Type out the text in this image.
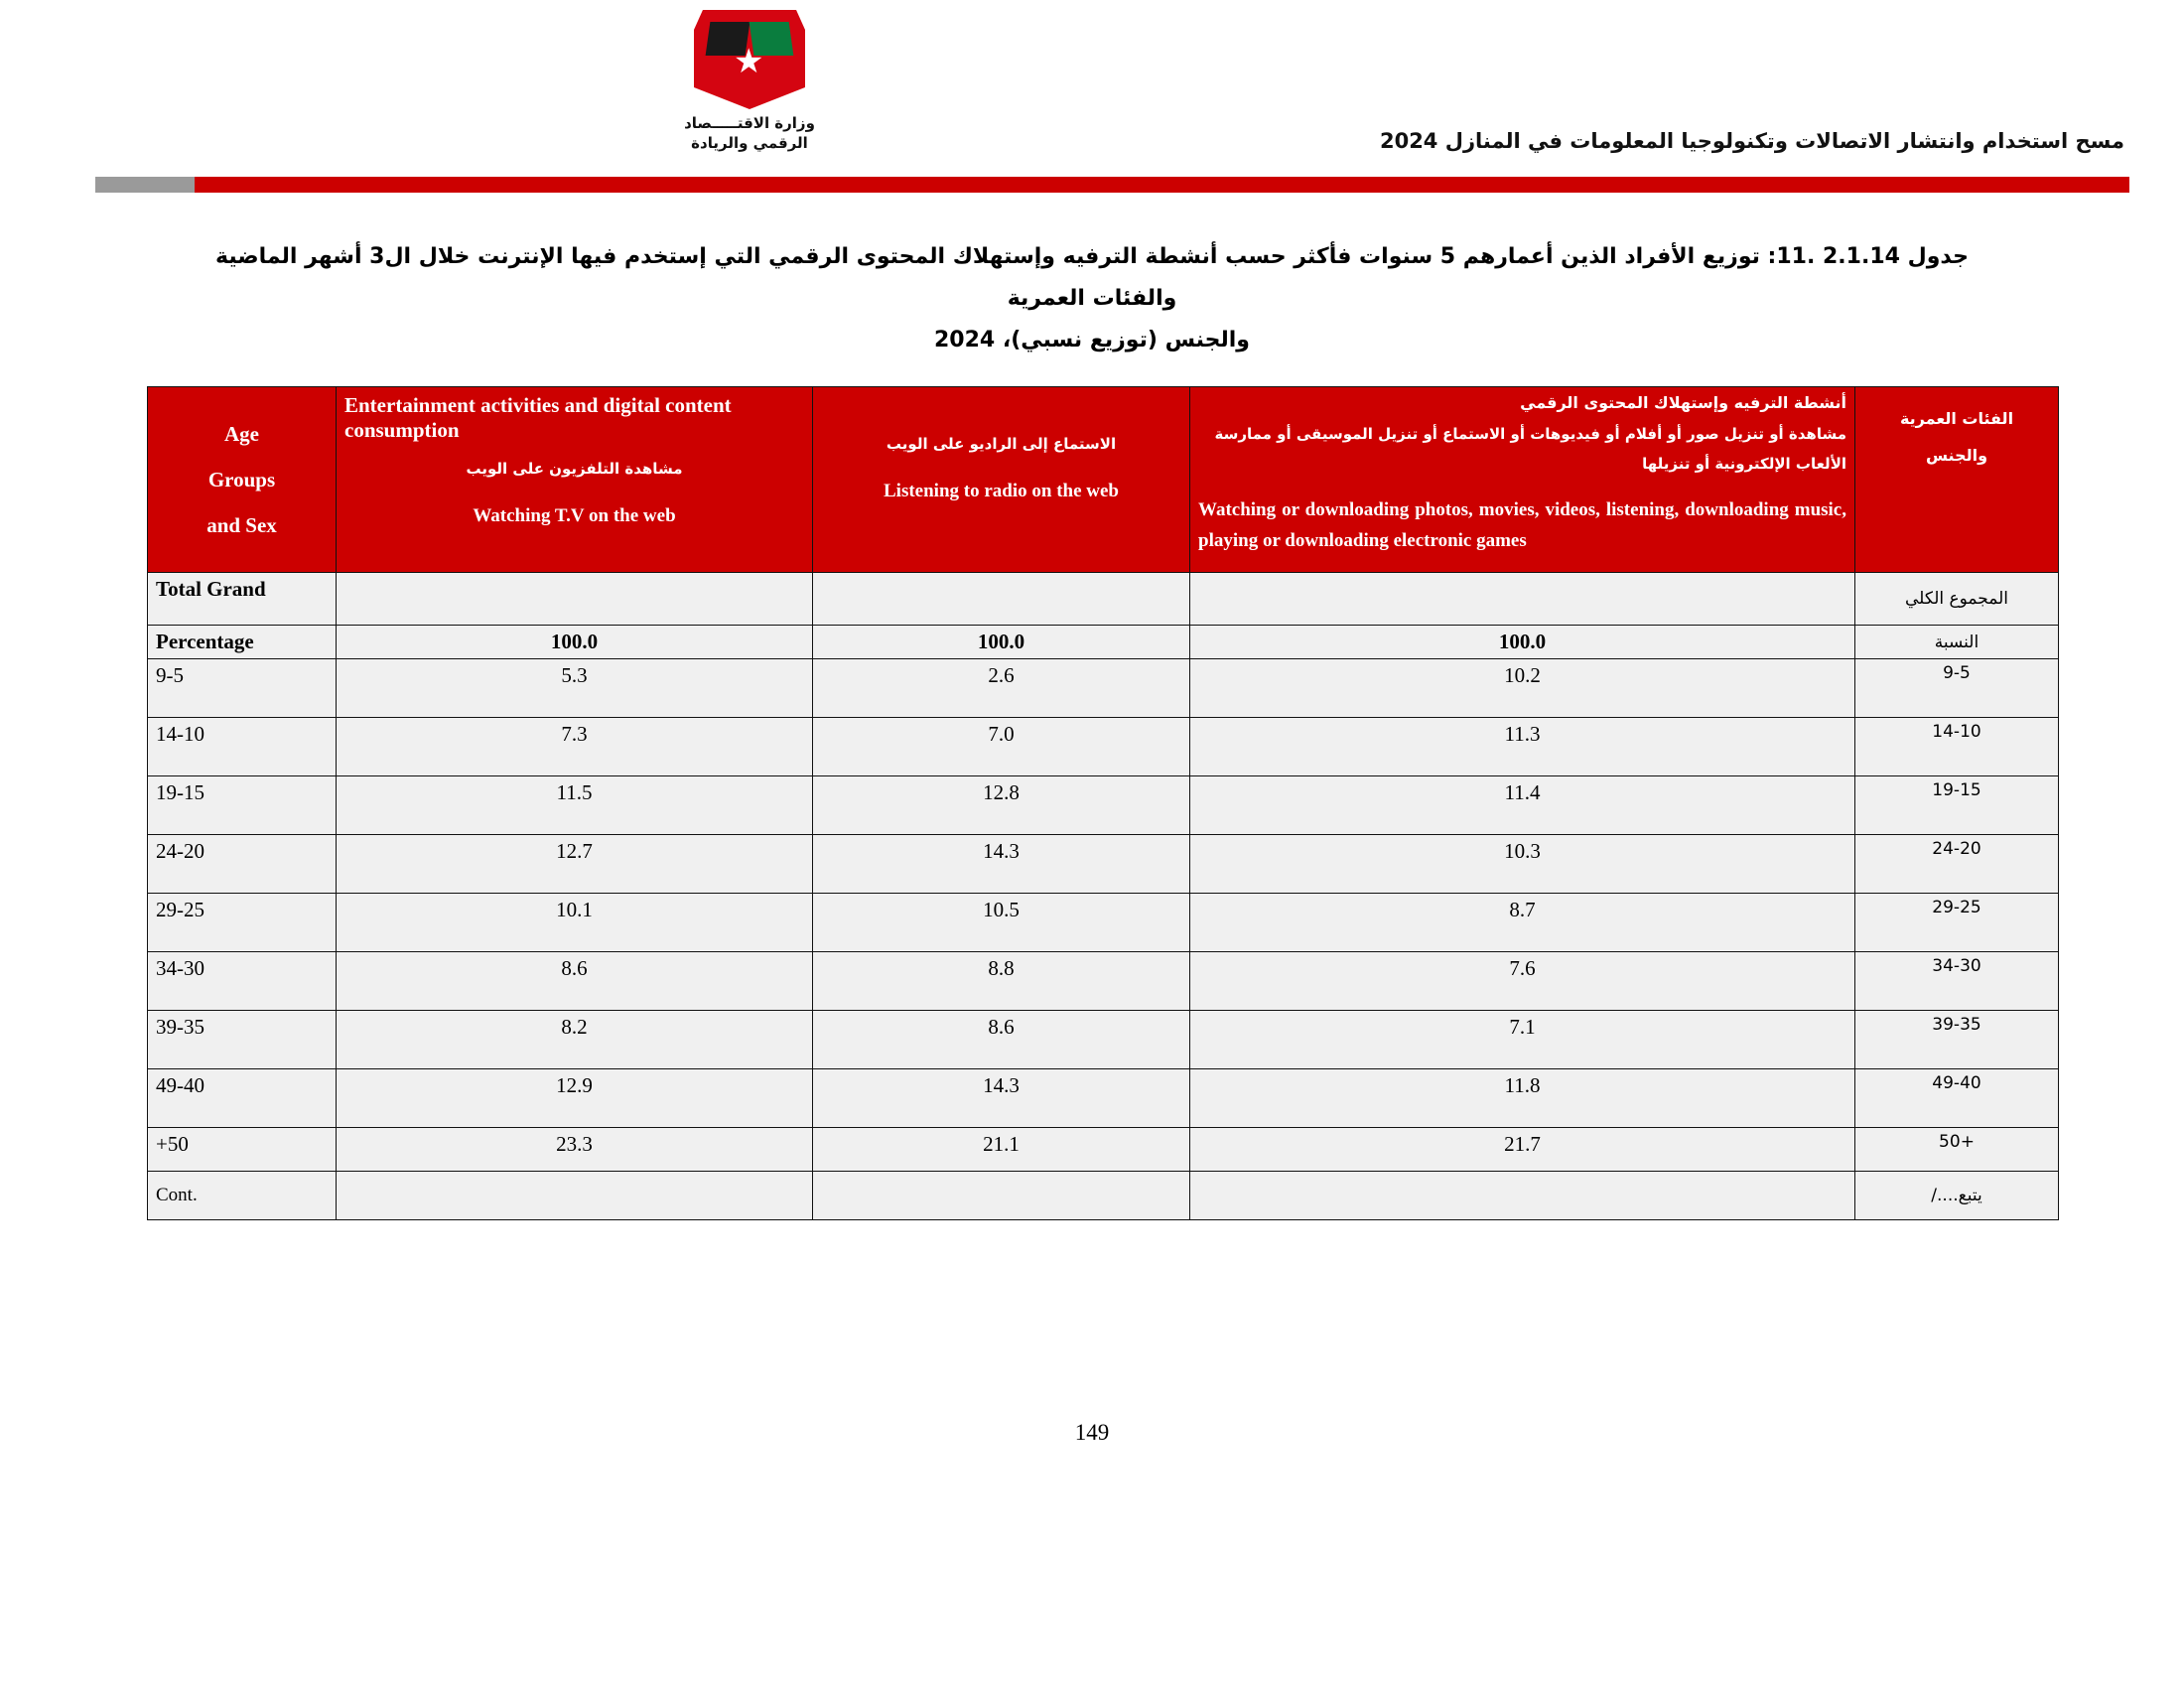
★
وزارة الاقتـــــصاد
الرقمي والريادة	مسح استخدام وانتشار الاتصالات وتكنولوجيا المعلومات في المنازل 2024
جدول 2.1.14 .11: توزيع الأفراد الذين أعمارهم 5 سنوات فأكثر حسب أنشطة الترفيه وإستهلاك المحتوى الرقمي التي إستخدم فيها الإنترنت خلال ال3 أشهر الماضية والفئات العمرية
والجنس (توزيع نسبي)، 2024
Age
Groups
and Sex

Entertainment activities and digital content consumption
مشاهدة التلفزيون على الويب
Watching T.V on the web

الاستماع إلى الراديو على الويب
Listening to radio on the web

أنشطة الترفيه وإستهلاك المحتوى الرقمي
مشاهدة أو تنزيل صور أو أفلام أو فيديوهات أو الاستماع أو تنزيل الموسيقى أو ممارسة الألعاب الإلكترونية أو تنزيلها
Watching or downloading photos, movies, videos, listening, downloading music, playing or downloading electronic games

الفئات العمرية
والجنس

Total Grand				المجموع الكلي
Percentage	100.0	100.0	100.0	النسبة
9-5	5.3	2.6	10.2	9-5
14-10	7.3	7.0	11.3	14-10
19-15	11.5	12.8	11.4	19-15
24-20	12.7	14.3	10.3	24-20
29-25	10.1	10.5	8.7	29-25
34-30	8.6	8.8	7.6	34-30
39-35	8.2	8.6	7.1	39-35
49-40	12.9	14.3	11.8	49-40
+50	23.3	21.1	21.7	+50
Cont.				يتبع..../
149
